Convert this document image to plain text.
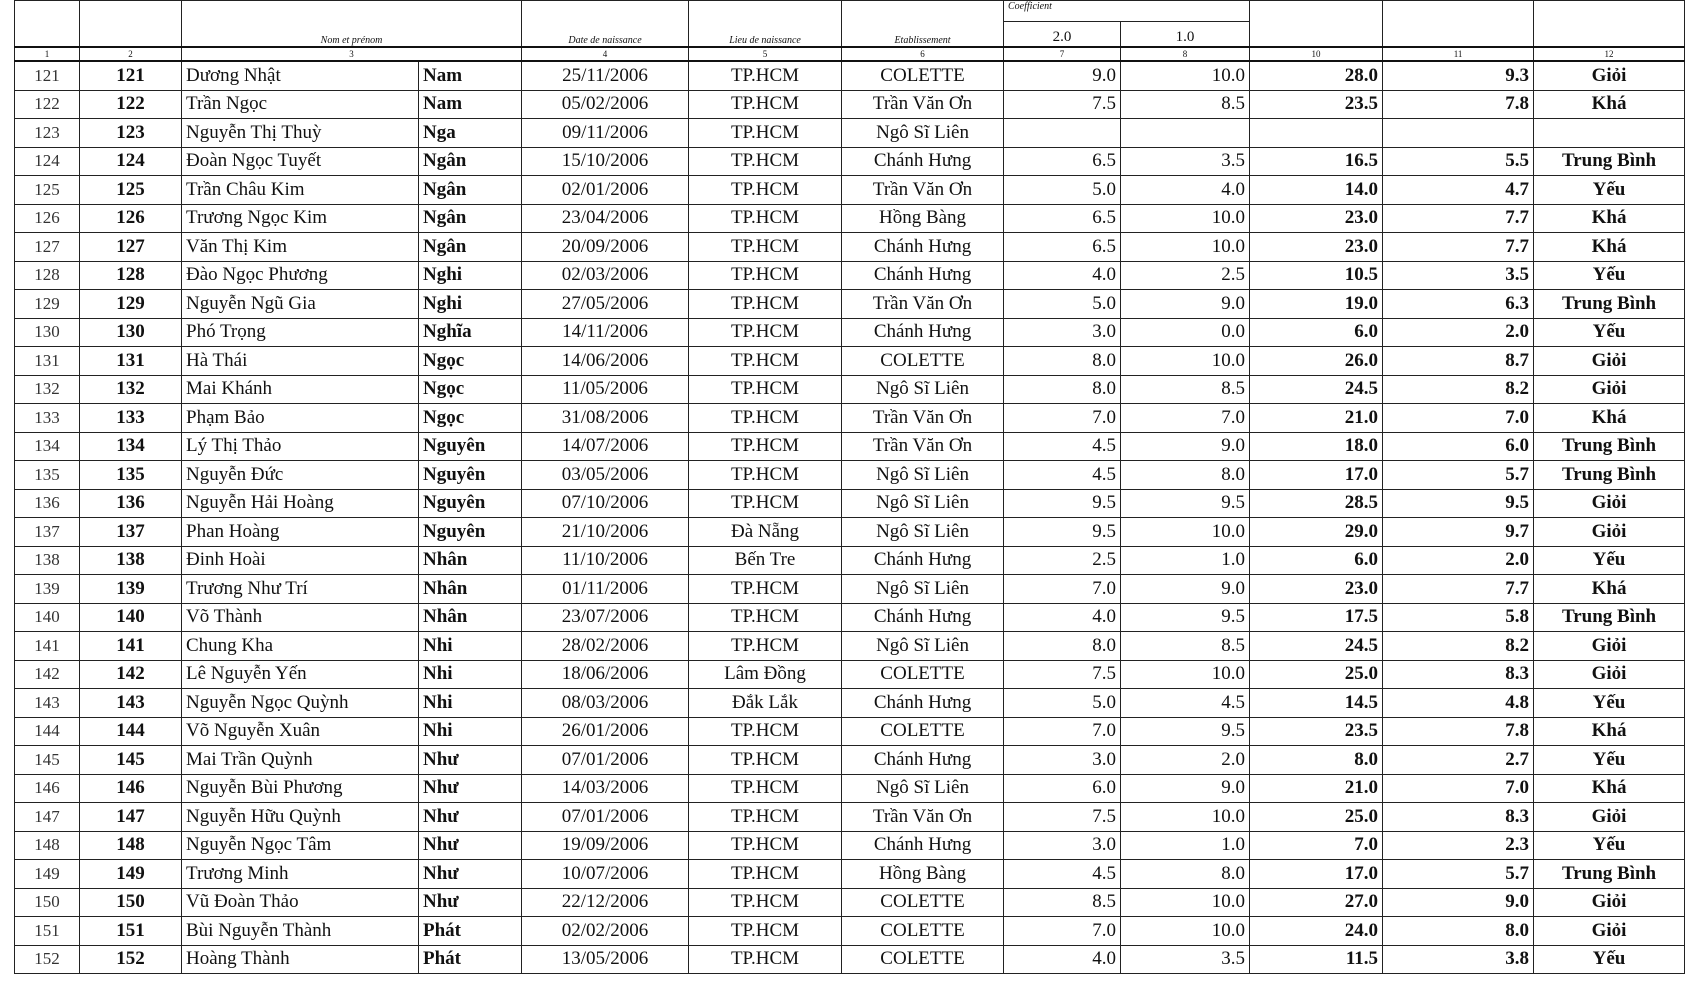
		Nom et prénom		Date de naissance	Lieu de naissance	Etablissement	Coefficient				
							2.0	1.0			
1	2	3		4	5	6	7	8	10	11	12
121	121	Dương Nhật	Nam	25/11/2006	TP.HCM	COLETTE	9.0	10.0	28.0	9.3	Giỏi
122	122	Trần Ngọc	Nam	05/02/2006	TP.HCM	Trần Văn Ơn	7.5	8.5	23.5	7.8	Khá
123	123	Nguyễn Thị Thuỳ	Nga	09/11/2006	TP.HCM	Ngô Sĩ Liên					
124	124	Đoàn Ngọc Tuyết	Ngân	15/10/2006	TP.HCM	Chánh Hưng	6.5	3.5	16.5	5.5	Trung Bình
125	125	Trần Châu Kim	Ngân	02/01/2006	TP.HCM	Trần Văn Ơn	5.0	4.0	14.0	4.7	Yếu
126	126	Trương Ngọc Kim	Ngân	23/04/2006	TP.HCM	Hồng Bàng	6.5	10.0	23.0	7.7	Khá
127	127	Văn Thị Kim	Ngân	20/09/2006	TP.HCM	Chánh Hưng	6.5	10.0	23.0	7.7	Khá
128	128	Đào Ngọc Phương	Nghi	02/03/2006	TP.HCM	Chánh Hưng	4.0	2.5	10.5	3.5	Yếu
129	129	Nguyễn Ngũ Gia	Nghi	27/05/2006	TP.HCM	Trần Văn Ơn	5.0	9.0	19.0	6.3	Trung Bình
130	130	Phó Trọng	Nghĩa	14/11/2006	TP.HCM	Chánh Hưng	3.0	0.0	6.0	2.0	Yếu
131	131	Hà Thái	Ngọc	14/06/2006	TP.HCM	COLETTE	8.0	10.0	26.0	8.7	Giỏi
132	132	Mai Khánh	Ngọc	11/05/2006	TP.HCM	Ngô Sĩ Liên	8.0	8.5	24.5	8.2	Giỏi
133	133	Phạm Bảo	Ngọc	31/08/2006	TP.HCM	Trần Văn Ơn	7.0	7.0	21.0	7.0	Khá
134	134	Lý Thị Thảo	Nguyên	14/07/2006	TP.HCM	Trần Văn Ơn	4.5	9.0	18.0	6.0	Trung Bình
135	135	Nguyễn Đức	Nguyên	03/05/2006	TP.HCM	Ngô Sĩ Liên	4.5	8.0	17.0	5.7	Trung Bình
136	136	Nguyễn Hải Hoàng	Nguyên	07/10/2006	TP.HCM	Ngô Sĩ Liên	9.5	9.5	28.5	9.5	Giỏi
137	137	Phan Hoàng	Nguyên	21/10/2006	Đà Nẵng	Ngô Sĩ Liên	9.5	10.0	29.0	9.7	Giỏi
138	138	Đinh Hoài	Nhân	11/10/2006	Bến Tre	Chánh Hưng	2.5	1.0	6.0	2.0	Yếu
139	139	Trương Như Trí	Nhân	01/11/2006	TP.HCM	Ngô Sĩ Liên	7.0	9.0	23.0	7.7	Khá
140	140	Võ Thành	Nhân	23/07/2006	TP.HCM	Chánh Hưng	4.0	9.5	17.5	5.8	Trung Bình
141	141	Chung Kha	Nhi	28/02/2006	TP.HCM	Ngô Sĩ Liên	8.0	8.5	24.5	8.2	Giỏi
142	142	Lê Nguyễn Yến	Nhi	18/06/2006	Lâm Đồng	COLETTE	7.5	10.0	25.0	8.3	Giỏi
143	143	Nguyễn Ngọc Quỳnh	Nhi	08/03/2006	Đắk Lắk	Chánh Hưng	5.0	4.5	14.5	4.8	Yếu
144	144	Võ Nguyễn Xuân	Nhi	26/01/2006	TP.HCM	COLETTE	7.0	9.5	23.5	7.8	Khá
145	145	Mai Trần Quỳnh	Như	07/01/2006	TP.HCM	Chánh Hưng	3.0	2.0	8.0	2.7	Yếu
146	146	Nguyễn Bùi Phương	Như	14/03/2006	TP.HCM	Ngô Sĩ Liên	6.0	9.0	21.0	7.0	Khá
147	147	Nguyễn Hữu Quỳnh	Như	07/01/2006	TP.HCM	Trần Văn Ơn	7.5	10.0	25.0	8.3	Giỏi
148	148	Nguyễn Ngọc Tâm	Như	19/09/2006	TP.HCM	Chánh Hưng	3.0	1.0	7.0	2.3	Yếu
149	149	Trương Minh	Như	10/07/2006	TP.HCM	Hồng Bàng	4.5	8.0	17.0	5.7	Trung Bình
150	150	Vũ Đoàn Thảo	Như	22/12/2006	TP.HCM	COLETTE	8.5	10.0	27.0	9.0	Giỏi
151	151	Bùi Nguyễn Thành	Phát	02/02/2006	TP.HCM	COLETTE	7.0	10.0	24.0	8.0	Giỏi
152	152	Hoàng Thành	Phát	13/05/2006	TP.HCM	COLETTE	4.0	3.5	11.5	3.8	Yếu
